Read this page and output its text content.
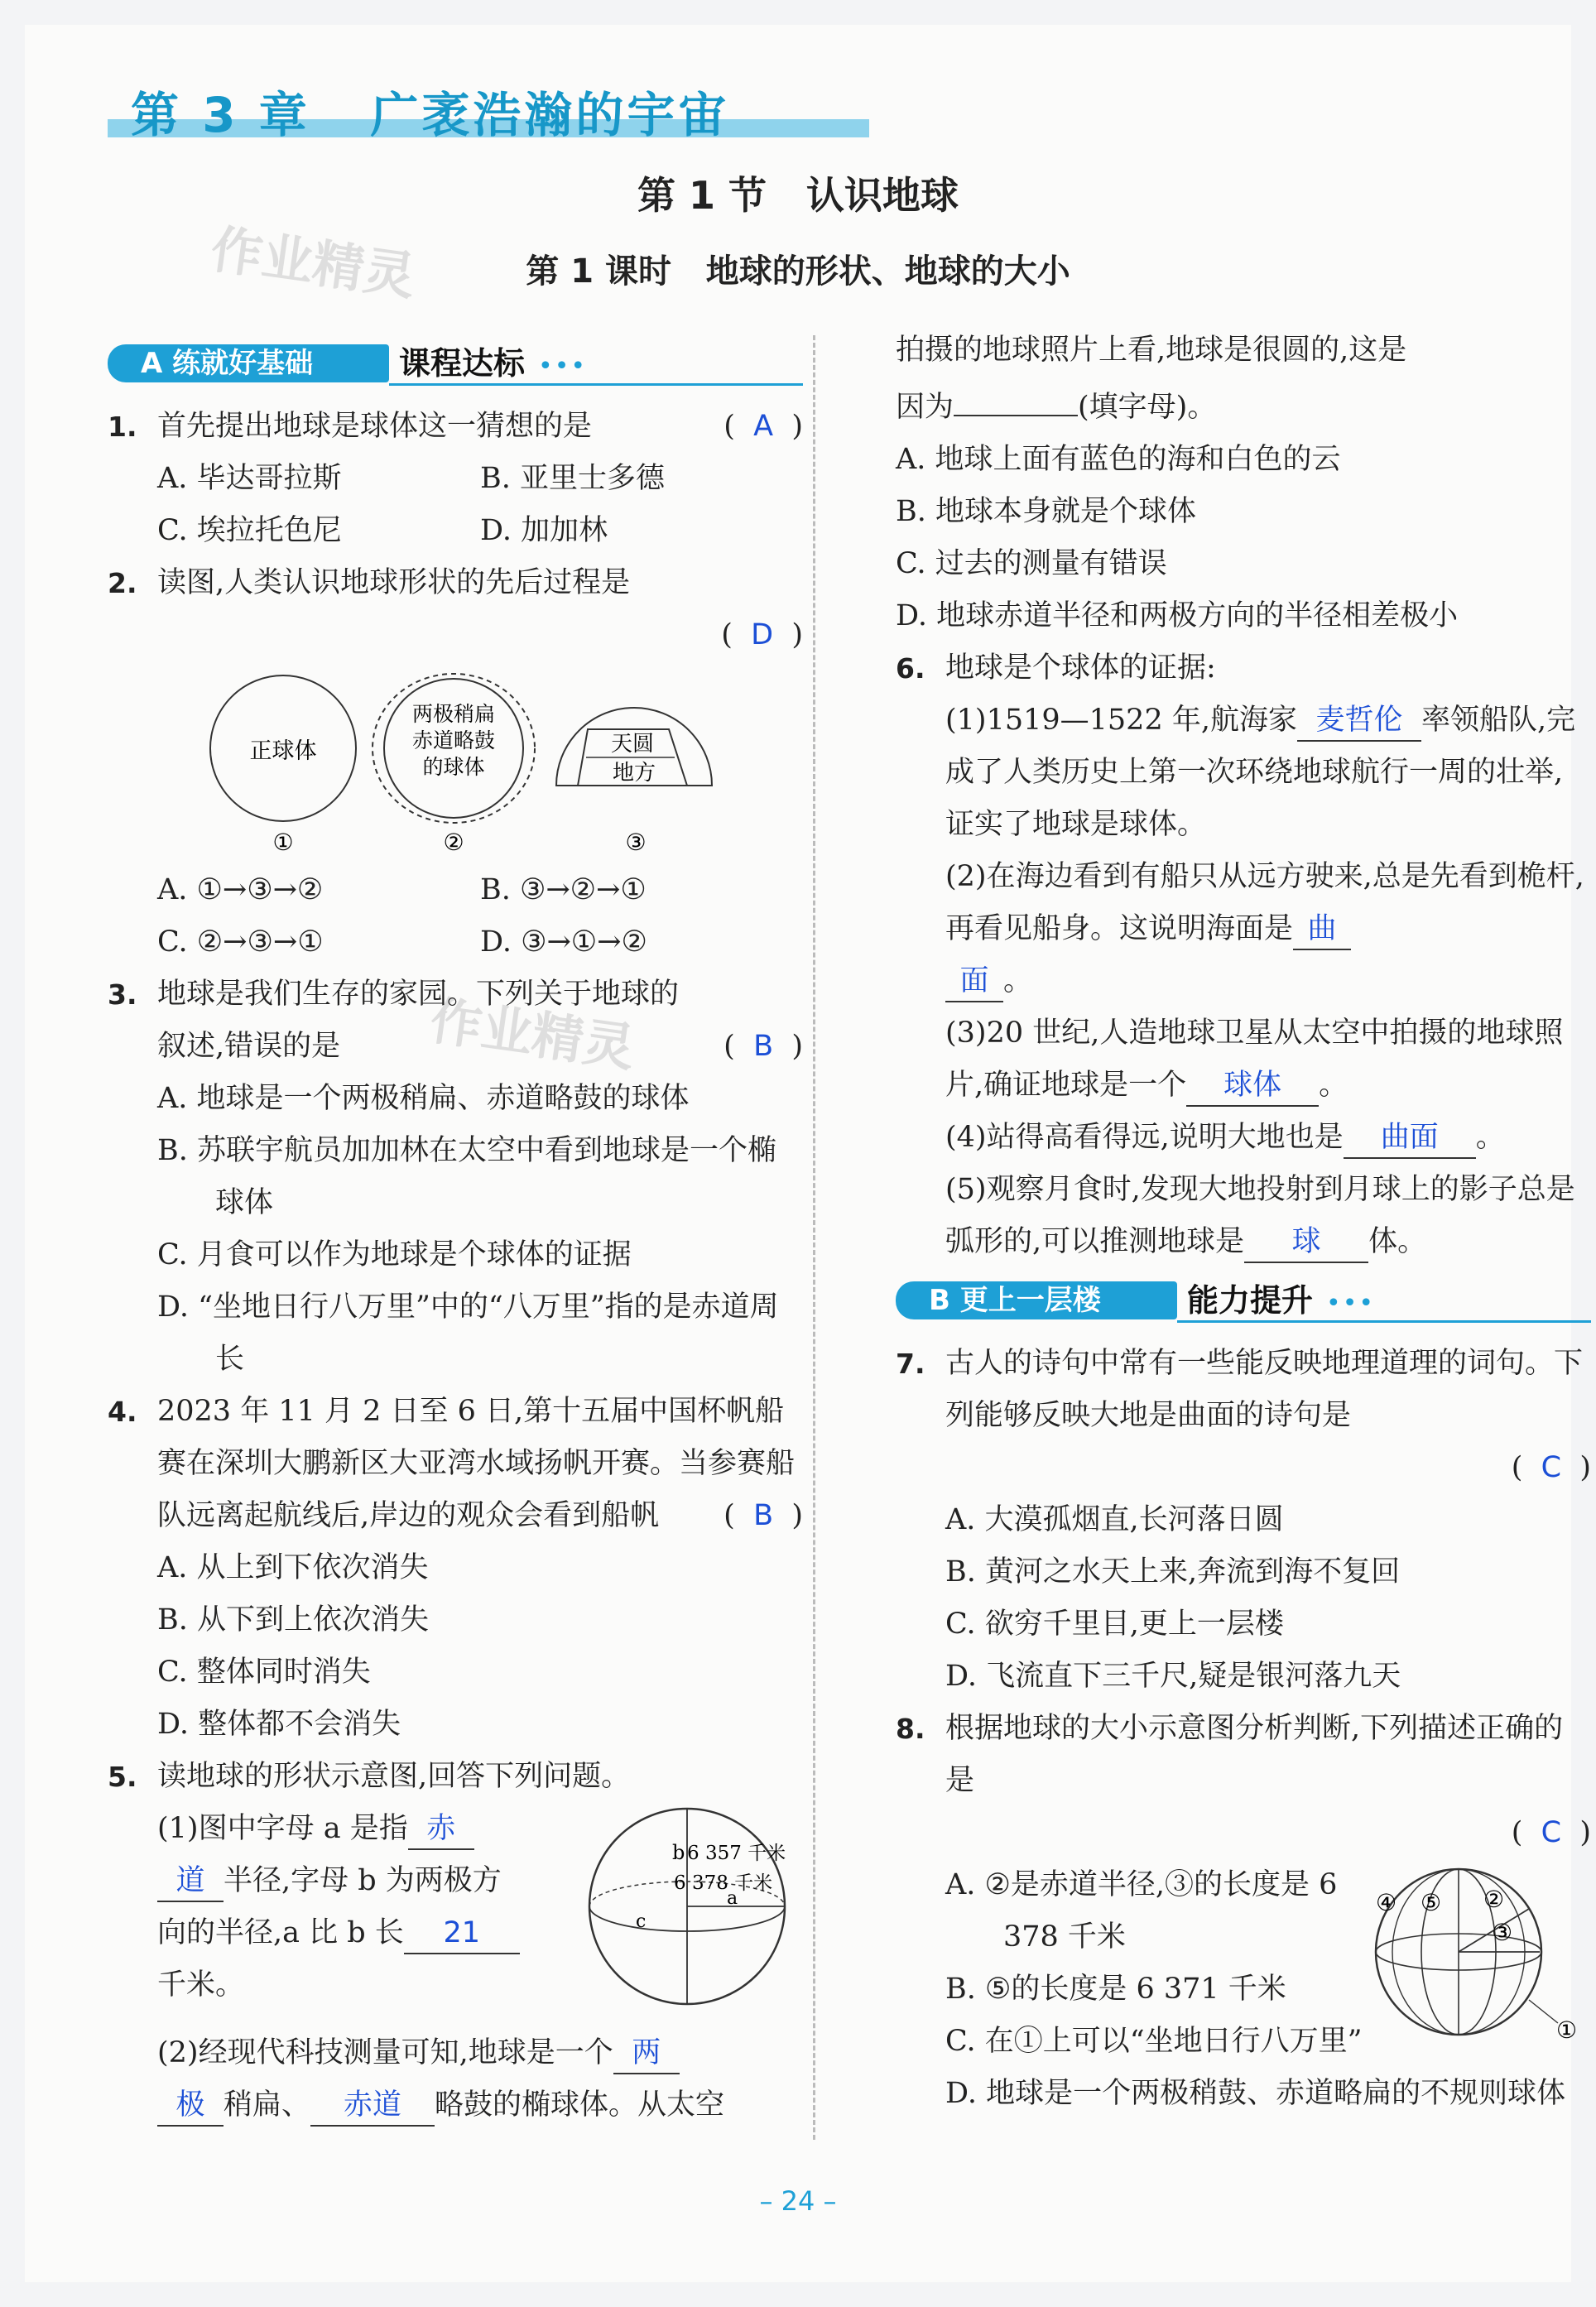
第 3 章   广袤浩瀚的宇宙
第 1 节   认识地球
第 1 课时   地球的形状、地球的大小
作业精灵
作业精灵
A 练就好基础	课程达标 •••
1. 首先提出地球是球体这一猜想的是	(  A  )
A. 毕达哥拉斯	B. 亚里士多德
C. 埃拉托色尼	D. 加加林
2. 读图,人类认识地球形状的先后过程是
(  D  )
正球体
两极稍扁
赤道略鼓
的球体
天圆
地方
①	②	③
A. ①→③→②	B. ③→②→①
C. ②→③→①	D. ③→①→②
3. 地球是我们生存的家园。下列关于地球的
叙述,错误的是	(  B  )
A. 地球是一个两极稍扁、赤道略鼓的球体
B. 苏联宇航员加加林在太空中看到地球是一个椭球体
C. 月食可以作为地球是个球体的证据
D. “坐地日行八万里”中的“八万里”指的是赤道周长
4. 2023 年 11 月 2 日至 6 日,第十五届中国杯帆船赛在深圳大鹏新区大亚湾水域扬帆开赛。当参赛船队远离起航线后,岸边的观众会看到船帆 (  B  )
A. 从上到下依次消失
B. 从下到上依次消失
C. 整体同时消失
D. 整体都不会消失
5. 读地球的形状示意图,回答下列问题。
(1)图中字母 a 是指 赤
道 半径,字母 b 为两极方
向的半径,a 比 b 长 21
千米。
b 6 357 千米
6 378 千米
a
c
(2)经现代科技测量可知,地球是一个 两
极 稍扁、 赤道 略鼓的椭球体。从太空
拍摄的地球照片上看,地球是很圆的,这是
因为	(填字母)。
A. 地球上面有蓝色的海和白色的云
B. 地球本身就是个球体
C. 过去的测量有错误
D. 地球赤道半径和两极方向的半径相差极小
6. 地球是个球体的证据:
(1)1519—1522 年,航海家 麦哲伦 率领船队,完成了人类历史上第一次环绕地球航行一周的壮举,证实了地球是球体。
(2)在海边看到有船只从远方驶来,总是先看到桅杆,再看见船身。这说明海面是 曲
面 。
(3)20 世纪,人造地球卫星从太空中拍摄的地球照片,确证地球是一个 球体 。
(4)站得高看得远,说明大地也是 曲面 。
(5)观察月食时,发现大地投射到月球上的影子总是弧形的,可以推测地球是 球 体。
B 更上一层楼	能力提升 •••
7. 古人的诗句中常有一些能反映地理道理的词句。下列能够反映大地是曲面的诗句是
(  C  )
A. 大漠孤烟直,长河落日圆
B. 黄河之水天上来,奔流到海不复回
C. 欲穷千里目,更上一层楼
D. 飞流直下三千尺,疑是银河落九天
8. 根据地球的大小示意图分析判断,下列描述正确的是
(  C  )
A. ②是赤道半径,③的长度是 6 378 千米
B. ⑤的长度是 6 371 千米
C. 在①上可以“坐地日行八万里”
④ ⑤ ②
③
①
D. 地球是一个两极稍鼓、赤道略扁的不规则球体
– 24 –
